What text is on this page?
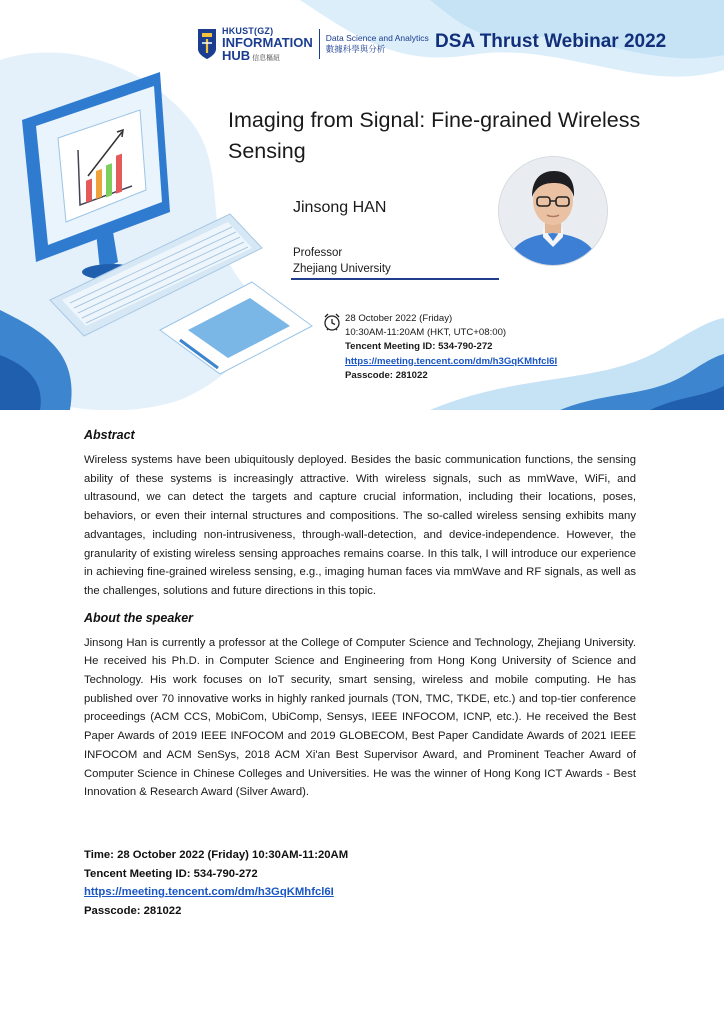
HKUST(GZ)
INFORMATION
HUB 信息樞紐
Data Science and Analytics
數據科學與分析	DSA Thrust Webinar 2022
Imaging from Signal: Fine-grained Wireless
Sensing
Jinsong HAN
Professor
Zhejiang University
28 October 2022 (Friday)
10:30AM-11:20AM (HKT, UTC+08:00)
Tencent Meeting ID: 534-790-272
https://meeting.tencent.com/dm/h3GqKMhfcl6I
Passcode: 281022
Abstract

Wireless systems have been ubiquitously deployed. Besides the basic communication functions, the sensing ability of these systems is increasingly attractive. With wireless signals, such as mmWave, WiFi, and ultrasound, we can detect the targets and capture crucial information, including their locations, poses, behaviors, or even their internal structures and compositions. The so-called wireless sensing exhibits many advantages, including non-intrusiveness, through-wall-detection, and device-independence. However, the granularity of existing wireless sensing approaches remains coarse. In this talk, I will introduce our experience in achieving fine-grained wireless sensing, e.g., imaging human faces via mmWave and RF signals, as well as the challenges, solutions and future directions in this topic.

About the speaker

Jinsong Han is currently a professor at the College of Computer Science and Technology, Zhejiang University. He received his Ph.D. in Computer Science and Engineering from Hong Kong University of Science and Technology. His work focuses on IoT security, smart sensing, wireless and mobile computing. He has published over 70 innovative works in highly ranked journals (TON, TMC, TKDE, etc.) and top-tier conference proceedings (ACM CCS, MobiCom, UbiComp, Sensys, IEEE INFOCOM, ICNP, etc.). He received the Best Paper Awards of 2019 IEEE INFOCOM and 2019 GLOBECOM, Best Paper Candidate Awards of 2021 IEEE INFOCOM and ACM SenSys, 2018 ACM Xi'an Best Supervisor Award, and Prominent Teacher Award of Computer Science in Chinese Colleges and Universities. He was the winner of Hong Kong ICT Awards - Best Innovation & Research Award (Silver Award).

Time: 28 October 2022 (Friday) 10:30AM-11:20AM
Tencent Meeting ID: 534-790-272
https://meeting.tencent.com/dm/h3GqKMhfcl6I
Passcode: 281022
